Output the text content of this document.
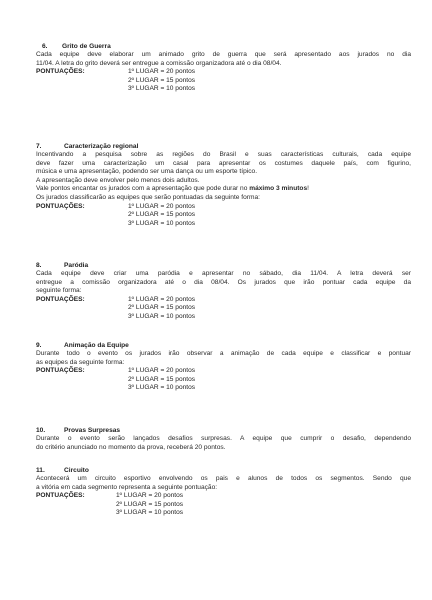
6. Grito de Guerra
Cada equipe deve elaborar um animado grito de guerra que será apresentado aos jurados no dia
11/04. A letra do grito deverá ser entregue a comissão organizadora até o dia 08/04.
PONTUAÇÕES:	1º LUGAR = 20 pontos
2º LUGAR = 15 pontos
3º LUGAR = 10 pontos
7.	Caracterização regional
Incentivando a pesquisa sobre as regiões do Brasil e suas características culturais, cada equipe
deve fazer uma caracterização um casal para apresentar os costumes daquele país, com figurino,
música e uma apresentação, podendo ser uma dança ou um esporte típico.
A apresentação deve envolver pelo menos dois adultos.
Vale pontos encantar os jurados com a apresentação que pode durar no máximo 3 minutos!
Os jurados classificarão as equipes que serão pontuadas da seguinte forma:
PONTUAÇÕES:	1º LUGAR = 20 pontos
2º LUGAR = 15 pontos
3º LUGAR = 10 pontos
8.	Paródia
Cada equipe deve criar uma paródia e apresentar no sábado, dia 11/04. A letra deverá ser
entregue a comissão organizadora até o dia 08/04. Os jurados que irão pontuar cada equipe da
seguinte forma:
PONTUAÇÕES:	1º LUGAR = 20 pontos
2º LUGAR = 15 pontos
3º LUGAR = 10 pontos
9.	Animação da Equipe
Durante todo o evento os jurados irão observar a animação de cada equipe e classificar e pontuar
as equipes da seguinte forma:
PONTUAÇÕES:	1º LUGAR = 20 pontos
2º LUGAR = 15 pontos
3º LUGAR = 10 pontos
10.	Provas Surpresas
Durante o evento serão lançados desafios surpresas. A equipe que cumprir o desafio, dependendo
do critério anunciado no momento da prova, receberá 20 pontos.
11.	Circuito
Acontecerá um circuito esportivo envolvendo os pais e alunos de todos os segmentos. Sendo que
a vitória em cada segmento representa a seguinte pontuação:
PONTUAÇÕES:	1º LUGAR = 20 pontos
2º LUGAR = 15 pontos
3º LUGAR = 10 pontos
